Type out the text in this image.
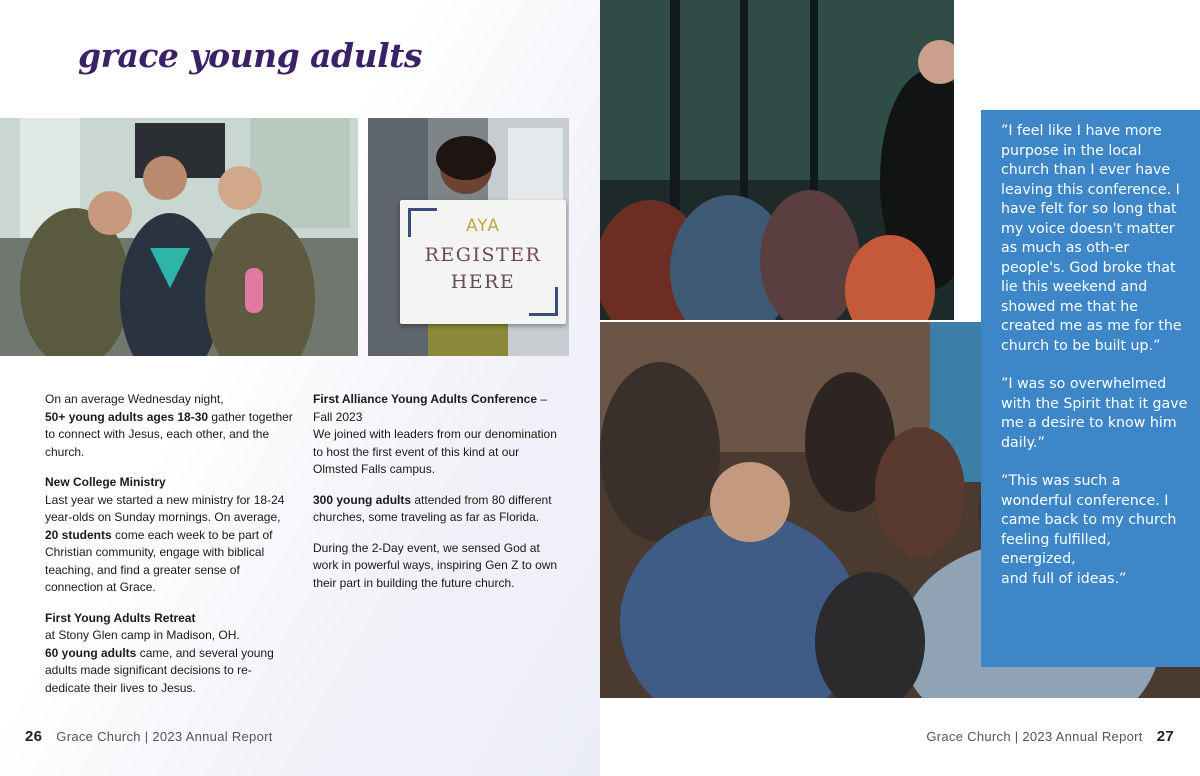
grace young adults
AYA
REGISTER
HERE

On an average Wednesday night,
50+ young adults ages 18-30 gather together to connect with Jesus, each other, and the church.

New College Ministry
Last year we started a new ministry for 18-24 year-olds on Sunday mornings. On average, 20 students come each week to be part of Christian community, engage with biblical teaching, and find a greater sense of connection at Grace.

First Young Adults Retreat
at Stony Glen camp in Madison, OH.
60 young adults came, and several young adults made significant decisions to re-dedicate their lives to Jesus.

First Alliance Young Adults Conference – Fall 2023
We joined with leaders from our denomination to host the first event of this kind at our Olmsted Falls campus.

300 young adults attended from 80 different churches, some traveling as far as Florida.

During the 2-Day event, we sensed God at work in powerful ways, inspiring Gen Z to own their part in building the future church.

26 Grace Church | 2023 Annual Report	Grace Church | 2023 Annual Report 27

”I feel like I have more purpose in the local church than I ever have leaving this conference. I have felt for so long that my voice doesn't matter as much as oth-er people's. God broke that lie this weekend and showed me that he created me as me for the church to be built up.”

”I was so overwhelmed with the Spirit that it gave me a desire to know him daily.”

”This was such a wonderful conference. I came back to my church feeling fulfilled, energized,
and full of ideas.”
